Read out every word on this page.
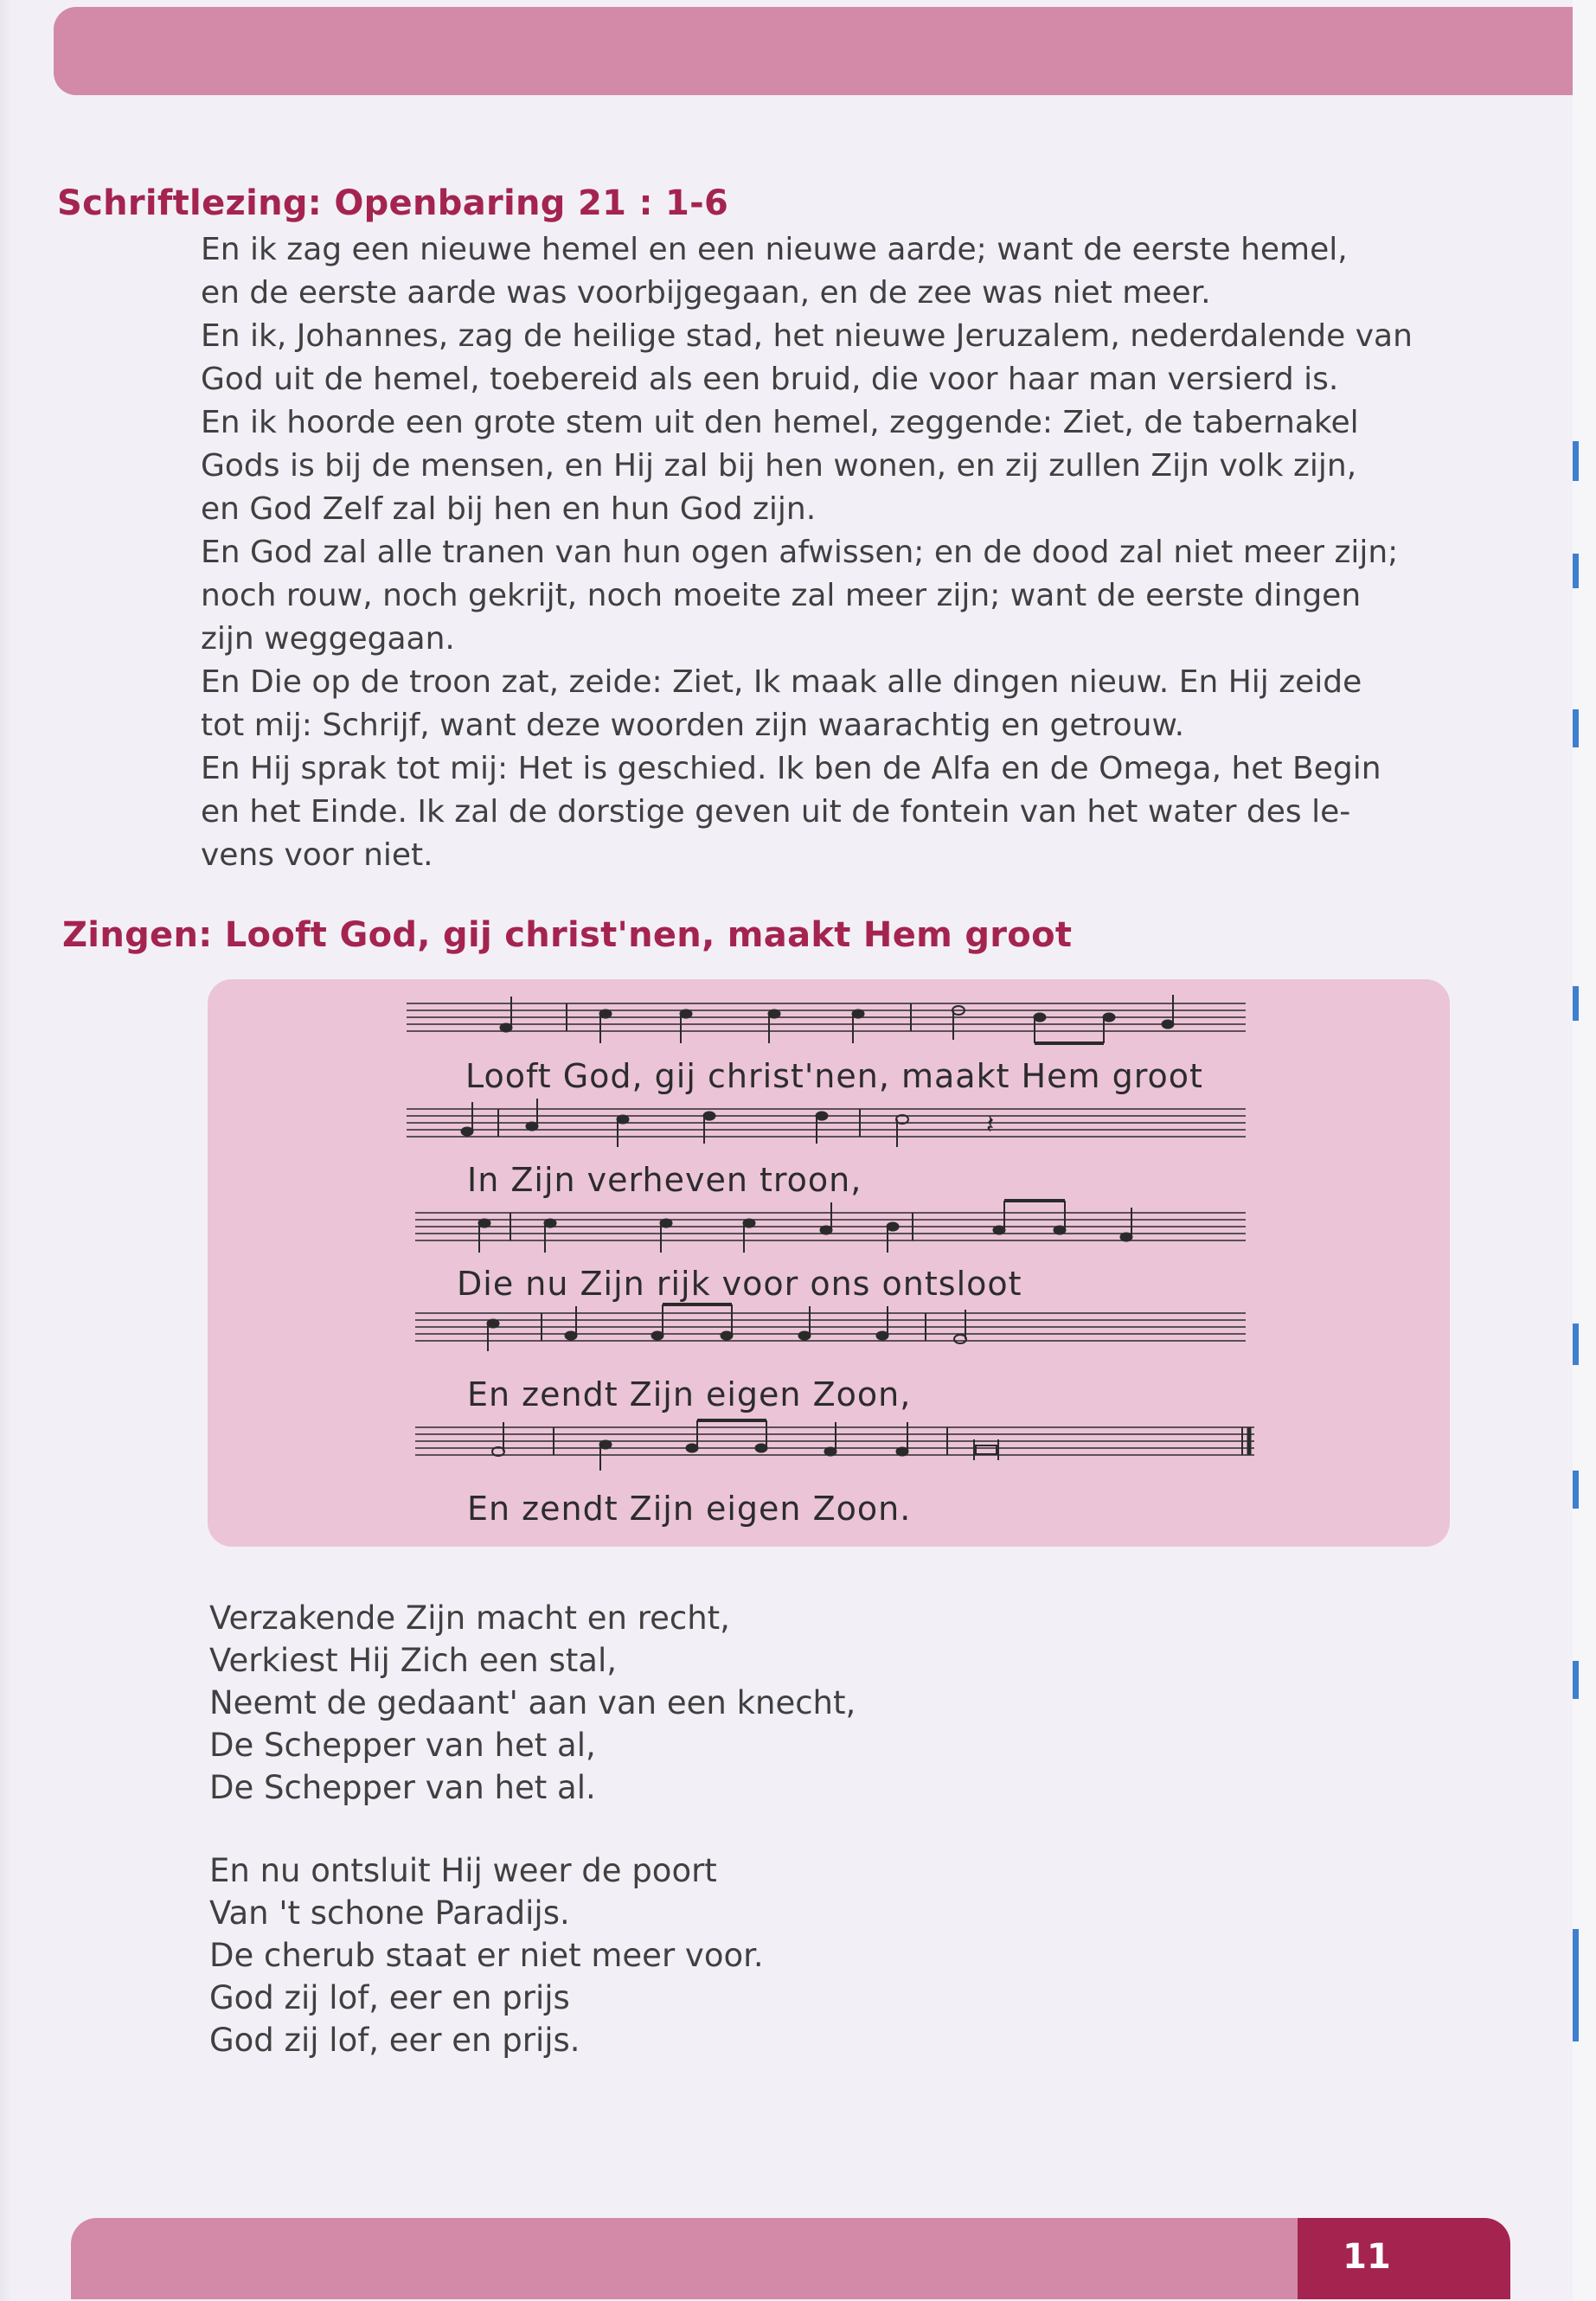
Schriftlezing: Openbaring 21 : 1-6

En ik zag een nieuwe hemel en een nieuwe aarde; want de eerste hemel,

en de eerste aarde was voorbijgegaan, en de zee was niet meer.

En ik, Johannes, zag de heilige stad, het nieuwe Jeruzalem, nederdalende van

God uit de hemel, toebereid als een bruid, die voor haar man versierd is.

En ik hoorde een grote stem uit den hemel, zeggende: Ziet, de tabernakel

Gods is bij de mensen, en Hij zal bij hen wonen, en zij zullen Zijn volk zijn,

en God Zelf zal bij hen en hun God zijn.

En God zal alle tranen van hun ogen afwissen; en de dood zal niet meer zijn;

noch rouw, noch gekrijt, noch moeite zal meer zijn; want de eerste dingen

zijn weggegaan.

En Die op de troon zat, zeide: Ziet, Ik maak alle dingen nieuw. En Hij zeide

tot mij: Schrijf, want deze woorden zijn waarachtig en getrouw.

En Hij sprak tot mij: Het is geschied. Ik ben de Alfa en de Omega, het Begin

en het Einde. Ik zal de dorstige geven uit de fontein van het water des le-

vens voor niet.

Zingen: Looft God, gij christ'nen, maakt Hem groot
𝄽

Looft God, gij christ'nen, maakt Hem groot

In Zijn verheven troon,

Die nu Zijn rijk voor ons ontsloot

En zendt Zijn eigen Zoon,

En zendt Zijn eigen Zoon.

Verzakende Zijn macht en recht,

Verkiest Hij Zich een stal,

Neemt de gedaant' aan van een knecht,

De Schepper van het al,

De Schepper van het al.

En nu ontsluit Hij weer de poort

Van 't schone Paradijs.

De cherub staat er niet meer voor.

God zij lof, eer en prijs

God zij lof, eer en prijs.

11
